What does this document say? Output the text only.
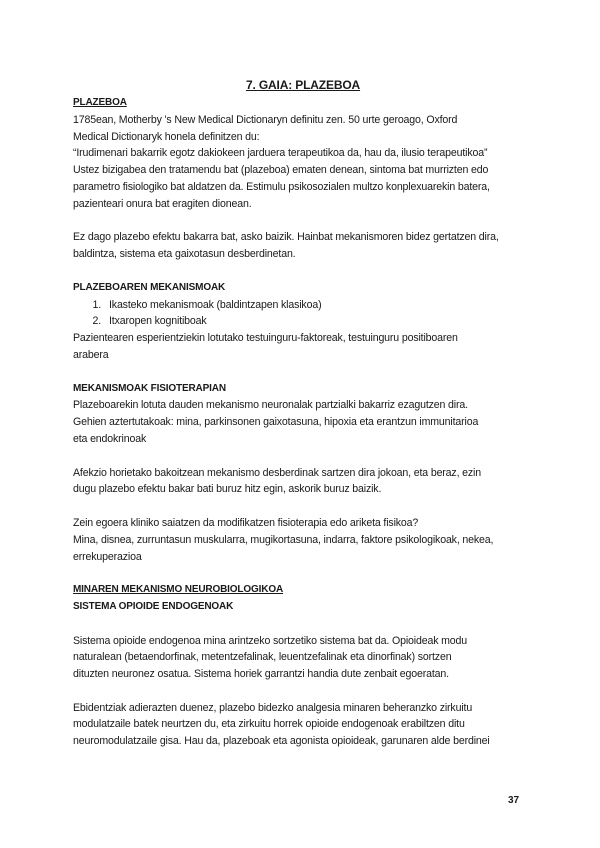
7. GAIA: PLAZEBOA
PLAZEBOA
1785ean, Motherby 's New Medical Dictionaryn definitu zen. 50 urte geroago, Oxford
Medical Dictionaryk honela definitzen du:
“Irudimenari bakarrik egotz dakiokeen jarduera terapeutikoa da, hau da, ilusio terapeutikoa”
Ustez bizigabea den tratamendu bat (plazeboa) ematen denean, sintoma bat murrizten edo
parametro fisiologiko bat aldatzen da. Estimulu psikosozialen multzo konplexuarekin batera,
pazienteari onura bat eragiten dionean.
Ez dago plazebo efektu bakarra bat, asko baizik. Hainbat mekanismoren bidez gertatzen dira,
baldintza, sistema eta gaixotasun desberdinetan.
PLAZEBOAREN MEKANISMOAK
1. Ikasteko mekanismoak (baldintzapen klasikoa)
2. Itxaropen kognitiboak
Pazientearen esperientziekin lotutako testuinguru-faktoreak, testuinguru positiboaren
arabera
MEKANISMOAK FISIOTERAPIAN
Plazeboarekin lotuta dauden mekanismo neuronalak partzialki bakarriz ezagutzen dira.
Gehien aztertutakoak: mina, parkinsonen gaixotasuna, hipoxia eta erantzun immunitarioa
eta endokrinoak
Afekzio horietako bakoitzean mekanismo desberdinak sartzen dira jokoan, eta beraz, ezin
dugu plazebo efektu bakar bati buruz hitz egin, askorik buruz baizik.
Zein egoera kliniko saiatzen da modifikatzen fisioterapia edo ariketa fisikoa?
Mina, disnea, zurruntasun muskularra, mugikortasuna, indarra, faktore psikologikoak, nekea,
errekuperazioa
MINAREN MEKANISMO NEUROBIOLOGIKOA
SISTEMA OPIOIDE ENDOGENOAK
Sistema opioide endogenoa mina arintzeko sortzetiko sistema bat da. Opioideak modu
naturalean (betaendorfinak, metentzefalinak, leuentzefalinak eta dinorfinak) sortzen
dituzten neuronez osatua. Sistema horiek garrantzi handia dute zenbait egoeratan.
Ebidentziak adierazten duenez, plazebo bidezko analgesia minaren beheranzko zirkuitu
modulatzaile batek neurtzen du, eta zirkuitu horrek opioide endogenoak erabiltzen ditu
neuromodulatzaile gisa. Hau da, plazeboak eta agonista opioideak, garunaren alde berdinei
37
